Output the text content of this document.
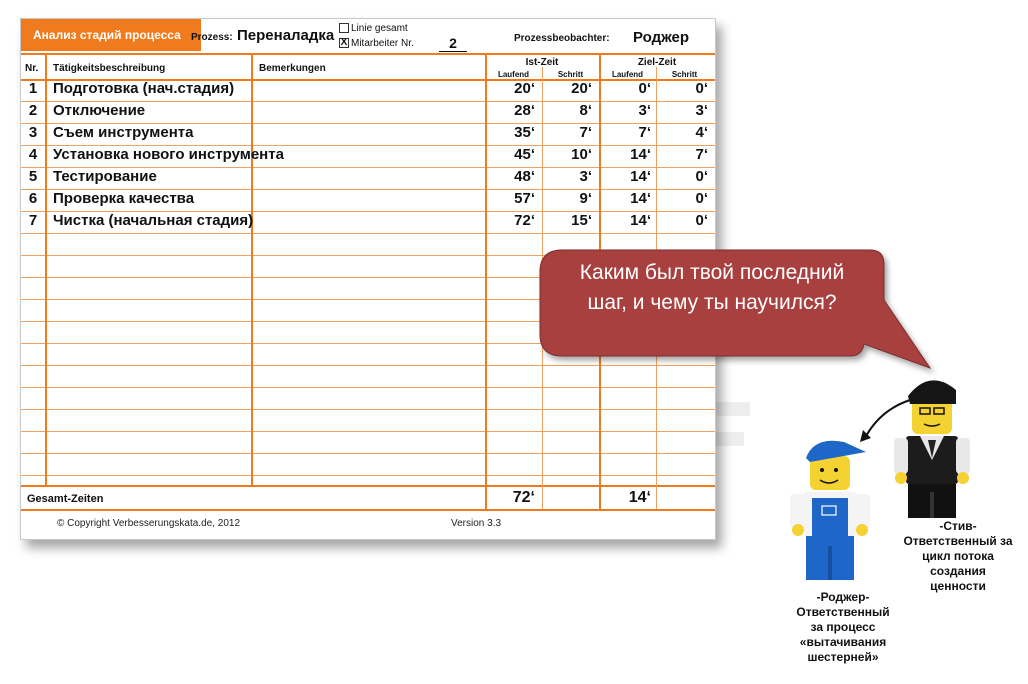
Анализ стадий процесса	Prozess: Переналадка	Linie gesamt
X Mitarbeiter Nr.	2	Prozessbeobachter: Роджер
Nr. Tätigkeitsbeschreibung	Bemerkungen
Ist-Zeit	Ziel-Zeit
Laufend	Schritt	Laufend	Schritt
1	Подготовка (нач.стадия)	20‘	20‘	0‘	0‘
2	Отключение	28‘	8‘	3‘	3‘
3	Съем инструмента	35‘	7‘	7‘	4‘
4	Установка нового инструмента	45‘	10‘	14‘	7‘
5	Тестирование	48‘	3‘	14‘	0‘
6	Проверка качества	57‘	9‘	14‘	0‘
7	Чистка (начальная стадия)	72‘	15‘	14‘	0‘
Gesamt-Zeiten	72‘	14‘
© Copyright Verbesserungskata.de, 2012	Version 3.3
Каким был твой последний
шаг, и чему ты научился?
-Стив-
Ответственный за
цикл потока
создания
ценности
-Роджер-
Ответственный
за процесс
«вытачивания
шестерней»
